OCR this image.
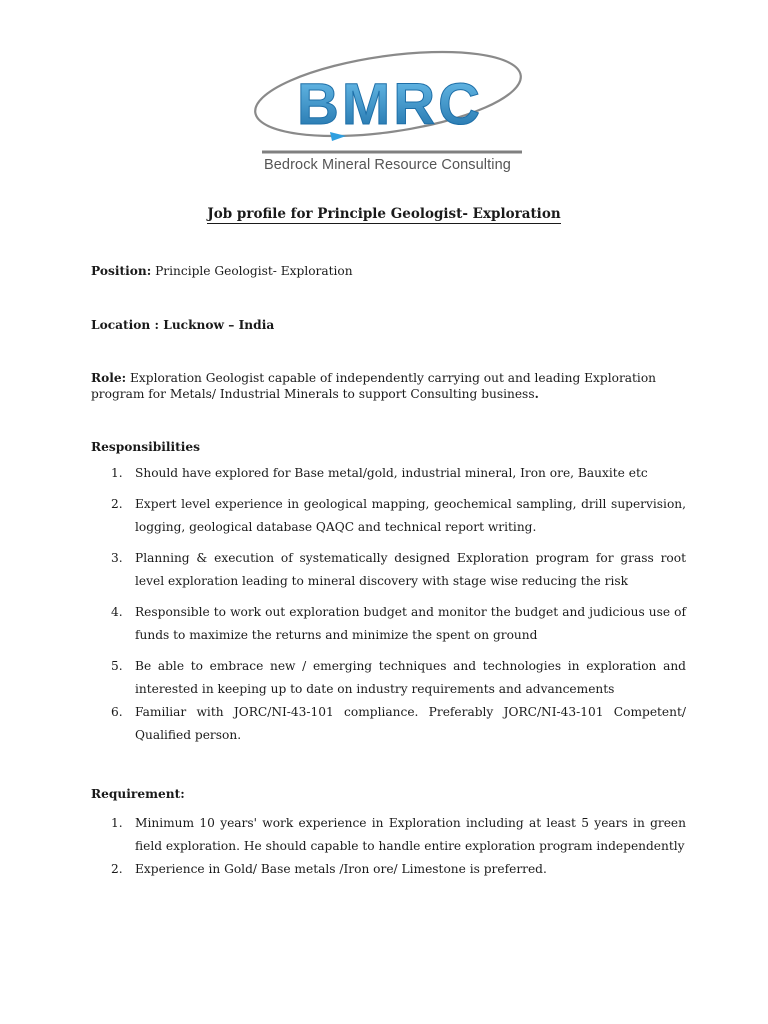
BMRC
Bedrock Mineral Resource Consulting
Job profile for Principle Geologist- Exploration
Position: Principle Geologist- Exploration
Location : Lucknow – India
Role: Exploration Geologist capable of independently carrying out and leading Exploration program for Metals/ Industrial Minerals to support Consulting business.
Responsibilities
1. Should have explored for Base metal/gold, industrial mineral, Iron ore, Bauxite etc
2. Expert level experience in geological mapping, geochemical sampling, drill supervision, logging, geological database QAQC and technical report writing.
3. Planning & execution of systematically designed Exploration program for grass root level exploration leading to mineral discovery with stage wise reducing the risk
4. Responsible to work out exploration budget and monitor the budget and judicious use of funds to maximize the returns and minimize the spent on ground
5. Be able to embrace new / emerging techniques and technologies in exploration and interested in keeping up to date on industry requirements and advancements
6. Familiar with JORC/NI-43-101 compliance. Preferably JORC/NI-43-101 Competent/ Qualified person.
Requirement:
1. Minimum 10 years' work experience in Exploration including at least 5 years in green field exploration. He should capable to handle entire exploration program independently
2. Experience in Gold/ Base metals /Iron ore/ Limestone is preferred.
